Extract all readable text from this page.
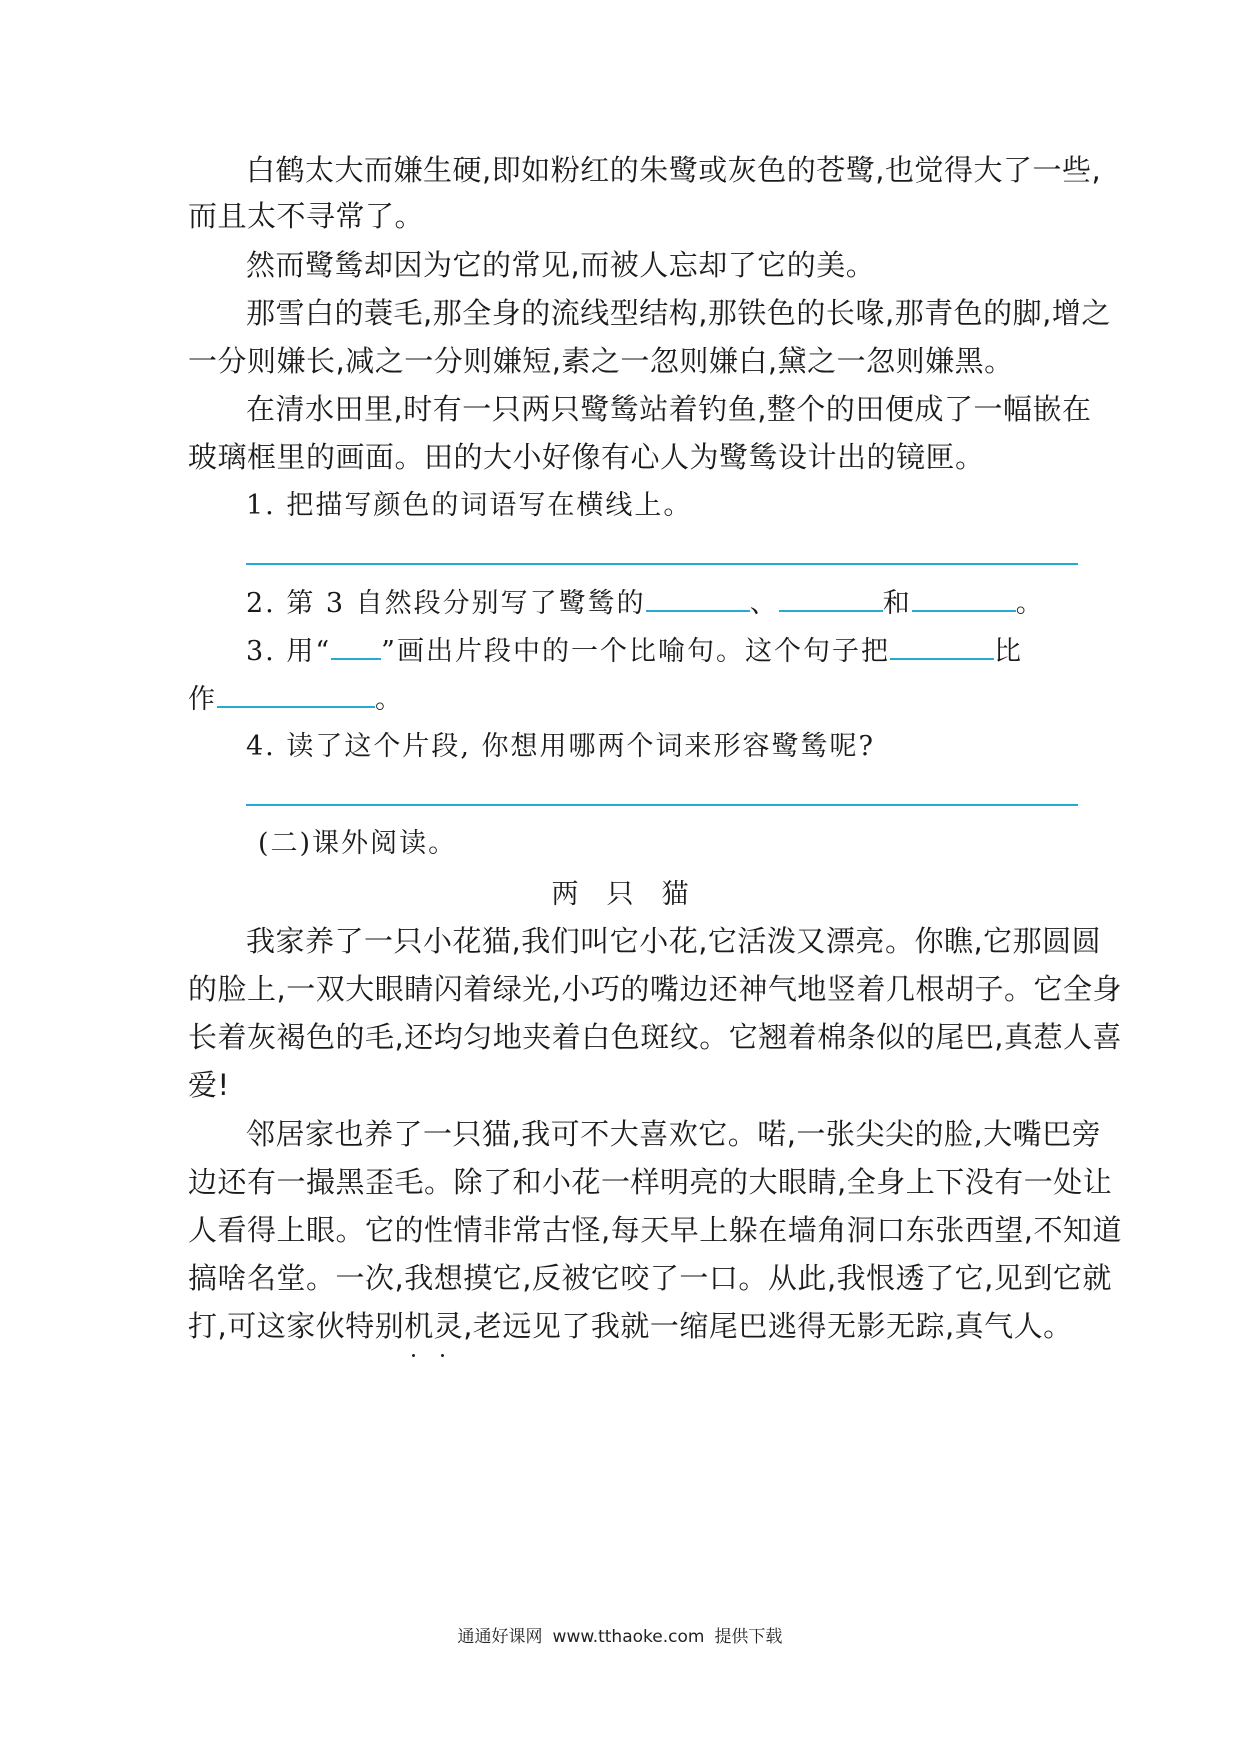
白鹤太大而嫌生硬,即如粉红的朱鹭或灰色的苍鹭,也觉得大了一些,
而且太不寻常了。
然而鹭鸶却因为它的常见,而被人忘却了它的美。
那雪白的蓑毛,那全身的流线型结构,那铁色的长喙,那青色的脚,增之
一分则嫌长,减之一分则嫌短,素之一忽则嫌白,黛之一忽则嫌黑。
在清水田里,时有一只两只鹭鸶站着钓鱼,整个的田便成了一幅嵌在
玻璃框里的画面。田的大小好像有心人为鹭鸶设计出的镜匣。
1. 把描写颜色的词语写在横线上。
2. 第 3 自然段分别写了鹭鸶的	、	和	。
3. 用“ ”画出片段中的一个比喻句。这个句子把	比
作	。
4. 读了这个片段, 你想用哪两个词来形容鹭鸶呢?
(二)课外阅读。
两 只 猫
我家养了一只小花猫,我们叫它小花,它活泼又漂亮。你瞧,它那圆圆
的脸上,一双大眼睛闪着绿光,小巧的嘴边还神气地竖着几根胡子。它全身
长着灰褐色的毛,还均匀地夹着白色斑纹。它翘着棉条似的尾巴,真惹人喜
爱!
邻居家也养了一只猫,我可不大喜欢它。喏,一张尖尖的脸,大嘴巴旁
边还有一撮黑歪毛。除了和小花一样明亮的大眼睛,全身上下没有一处让
人看得上眼。它的性情非常古怪,每天早上躲在墙角洞口东张西望,不知道
搞啥名堂。一次,我想摸它,反被它咬了一口。从此,我恨透了它,见到它就
打,可这家伙特别机灵,老远见了我就一缩尾巴逃得无影无踪,真气人。
通通好课网 www.tthaoke.com 提供下载
